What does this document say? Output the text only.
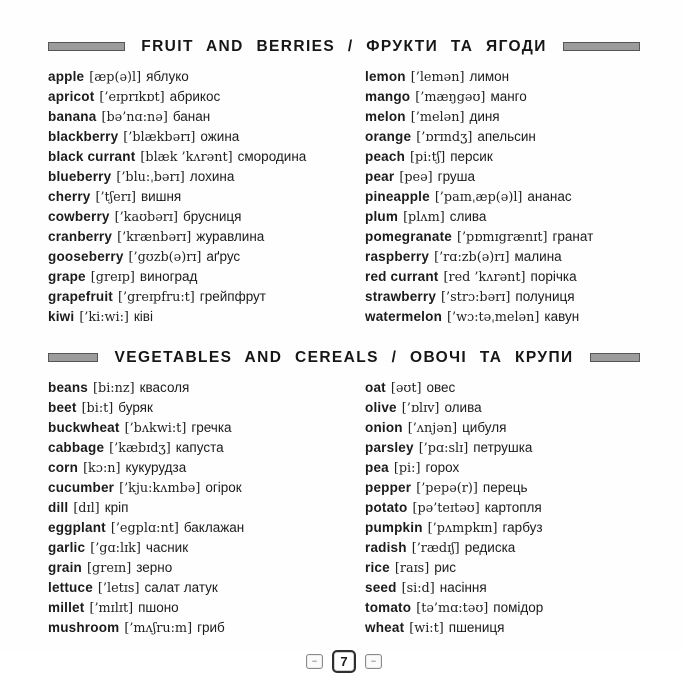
FRUIT AND BERRIES / ФРУКТИ ТА ЯГОДИ
apple [æp(ə)l] яблуко
apricot [’eɪprɪkɒt] абрикос
banana [bə’nɑ:nə] банан
blackberry [’blækbərɪ] ожина
black currant [blæk ’kʌrənt] смородина
blueberry [’blu:ˌbərɪ] лохина
cherry [’tʃerɪ] вишня
cowberry [’kaʊbərɪ] брусниця
cranberry [’krænbərɪ] журавлина
gooseberry [’gʊzb(ə)rɪ] аґрус
grape [greɪp] виноград
grapefruit [’greɪpfru:t] грейпфрут
kiwi [’ki:wi:] ківі
lemon [’lemən] лимон
mango [’mæŋgəʊ] манго
melon [’melən] диня
orange [’ɒrɪndʒ] апельсин
peach [pi:tʃ] персик
pear [peə] груша
pineapple [’paɪnˌæp(ə)l] ананас
plum [plʌm] слива
pomegranate [’pɒmɪgrænɪt] гранат
raspberry [’rɑ:zb(ə)rɪ] малина
red currant [red ’kʌrənt] порічка
strawberry [’strɔ:bərɪ] полуниця
watermelon [’wɔ:təˌmelən] кавун
VEGETABLES AND CEREALS / ОВОЧІ ТА КРУПИ
beans [bi:nz] квасоля
beet [bi:t] буряк
buckwheat [’bʌkwi:t] гречка
cabbage [’kæbɪdʒ] капуста
corn [kɔ:n] кукурудза
cucumber [’kju:kʌmbə] огірок
dill [dɪl] кріп
eggplant [’egplɑ:nt] баклажан
garlic [’gɑ:lɪk] часник
grain [greɪn] зерно
lettuce [’letɪs] салат латук
millet [’mɪlɪt] пшоно
mushroom [’mʌʃru:m] гриб
oat [əʊt] овес
olive [’ɒlɪv] олива
onion [’ʌnjən] цибуля
parsley [’pɑ:slɪ] петрушка
pea [pi:] горох
pepper [’pepə(r)] перець
potato [pə’teɪtəʊ] картопля
pumpkin [’pʌmpkɪn] гарбуз
radish [’rædɪʃ] редиска
rice [raɪs] рис
seed [si:d] насіння
tomato [tə’mɑ:təʊ] помідор
wheat [wi:t] пшениця
−	7	−
